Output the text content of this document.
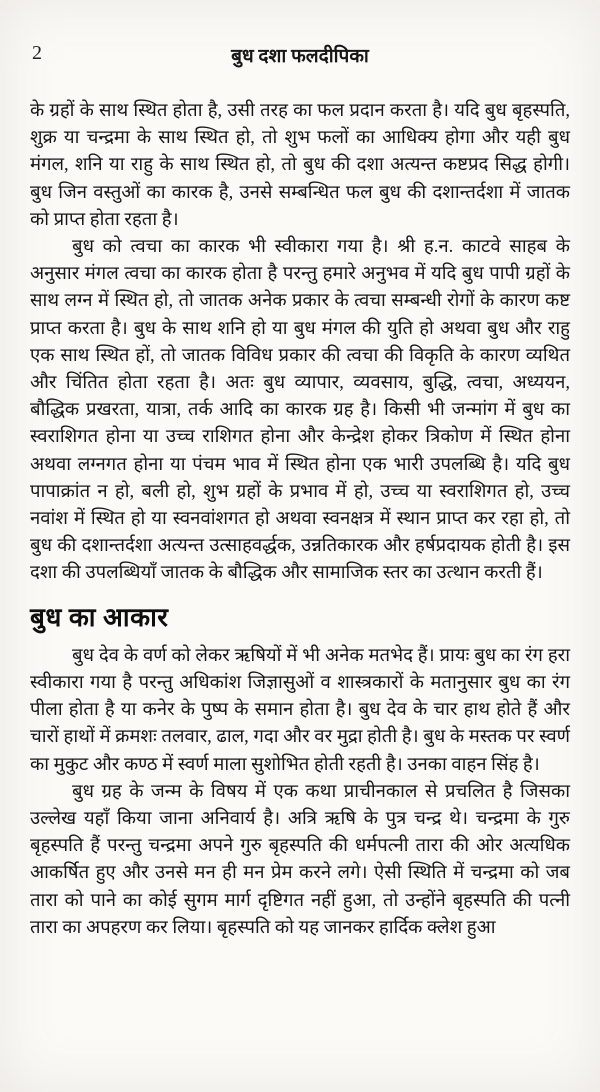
2	बुध दशा फलदीपिका

के ग्रहों के साथ स्थित होता है, उसी तरह का फल प्रदान करता है। यदि बुध बृहस्पति, शुक्र या चन्द्रमा के साथ स्थित हो, तो शुभ फलों का आधिक्य होगा और यही बुध मंगल, शनि या राहु के साथ स्थित हो, तो बुध की दशा अत्यन्त कष्टप्रद सिद्ध होगी। बुध जिन वस्तुओं का कारक है, उनसे सम्बन्धित फल बुध की दशान्तर्दशा में जातक को प्राप्त होता रहता है।

बुध को त्वचा का कारक भी स्वीकारा गया है। श्री ह.न. काटवे साहब के अनुसार मंगल त्वचा का कारक होता है परन्तु हमारे अनुभव में यदि बुध पापी ग्रहों के साथ लग्न में स्थित हो, तो जातक अनेक प्रकार के त्वचा सम्बन्धी रोगों के कारण कष्ट प्राप्त करता है। बुध के साथ शनि हो या बुध मंगल की युति हो अथवा बुध और राहु एक साथ स्थित हों, तो जातक विविध प्रकार की त्वचा की विकृति के कारण व्यथित और चिंतित होता रहता है। अतः बुध व्यापार, व्यवसाय, बुद्धि, त्वचा, अध्ययन, बौद्धिक प्रखरता, यात्रा, तर्क आदि का कारक ग्रह है। किसी भी जन्मांग में बुध का स्वराशिगत होना या उच्च राशिगत होना और केन्द्रेश होकर त्रिकोण में स्थित होना अथवा लग्नगत होना या पंचम भाव में स्थित होना एक भारी उपलब्धि है। यदि बुध पापाक्रांत न हो, बली हो, शुभ ग्रहों के प्रभाव में हो, उच्च या स्वराशिगत हो, उच्च नवांश में स्थित हो या स्वनवांशगत हो अथवा स्वनक्षत्र में स्थान प्राप्त कर रहा हो, तो बुध की दशान्तर्दशा अत्यन्त उत्साहवर्द्धक, उन्नतिकारक और हर्षप्रदायक होती है। इस दशा की उपलब्धियाँ जातक के बौद्धिक और सामाजिक स्तर का उत्थान करती हैं।

बुध का आकार

बुध देव के वर्ण को लेकर ऋषियों में भी अनेक मतभेद हैं। प्रायः बुध का रंग हरा स्वीकारा गया है परन्तु अधिकांश जिज्ञासुओं व शास्त्रकारों के मतानुसार बुध का रंग पीला होता है या कनेर के पुष्प के समान होता है। बुध देव के चार हाथ होते हैं और चारों हाथों में क्रमशः तलवार, ढाल, गदा और वर मुद्रा होती है। बुध के मस्तक पर स्वर्ण का मुकुट और कण्ठ में स्वर्ण माला सुशोभित होती रहती है। उनका वाहन सिंह है।

बुध ग्रह के जन्म के विषय में एक कथा प्राचीनकाल से प्रचलित है जिसका उल्लेख यहाँ किया जाना अनिवार्य है। अत्रि ऋषि के पुत्र चन्द्र थे। चन्द्रमा के गुरु बृहस्पति हैं परन्तु चन्द्रमा अपने गुरु बृहस्पति की धर्मपत्नी तारा की ओर अत्यधिक आकर्षित हुए और उनसे मन ही मन प्रेम करने लगे। ऐसी स्थिति में चन्द्रमा को जब तारा को पाने का कोई सुगम मार्ग दृष्टिगत नहीं हुआ, तो उन्होंने बृहस्पति की पत्नी तारा का अपहरण कर लिया। बृहस्पति को यह जानकर हार्दिक क्लेश हुआ
